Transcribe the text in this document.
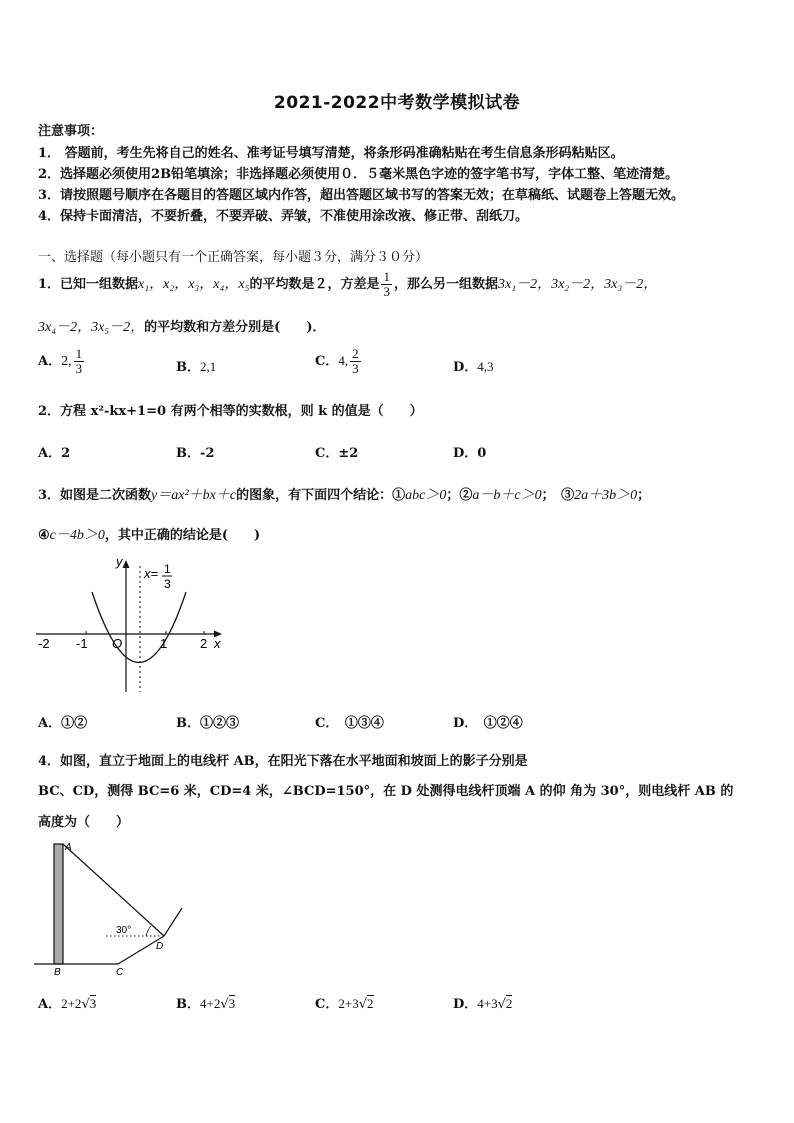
2021-2022中考数学模拟试卷
注意事项：
1． 答题前，考生先将自己的姓名、准考证号填写清楚，将条形码准确粘贴在考生信息条形码粘贴区。
2．选择题必须使用2B铅笔填涂；非选择题必须使用０．５毫米黑色字迹的签字笔书写，字体工整、笔迹清楚。
3．请按照题号顺序在各题目的答题区域内作答，超出答题区域书写的答案无效；在草稿纸、试题卷上答题无效。
4．保持卡面清洁，不要折叠，不要弄破、弄皱，不准使用涂改液、修正带、刮纸刀。
一、选择题（每小题只有一个正确答案，每小题３分，满分３０分）
1．已知一组数据x₁，x₂，x₃，x₄，x₅的平均数是２，方差是 $\frac{1}{3}$ ，那么另一组数据3x₁－2，3x₂－2，3x₃－2，
3x₄－2，3x₅－2，的平均数和方差分别是(　　)．
A．2, $\frac{1}{3}$	B．2,1	C．4, $\frac{2}{3}$	D．4,3
2．方程 x²-kx+1=0 有两个相等的实数根，则 k 的值是（　　）
A．2	B．-2	C．±2	D．0
3．如图是二次函数y＝ax²＋bx＋c的图象，有下面四个结论：①abc＞0；②a－b＋c＞0；　③2a＋3b＞0；
④c－4b＞0，其中正确的结论是(　　)
-2 -1	1	2
O	x
y
x= 1
3
A．①②	B．①②③	C．　①③④	D．　①②④
4．如图，直立于地面上的电线杆 AB，在阳光下落在水平地面和坡面上的影子分别是
BC、CD，测得 BC=6 米，CD=4 米，∠BCD=150°，在 D 处测得电线杆顶端 A 的仰 角为 30°，则电线杆 AB 的
高度为（　　）
A
B	C
D
30°
A．2+2√3	B．4+2√3	C．2+3√2	D．4+3√2
